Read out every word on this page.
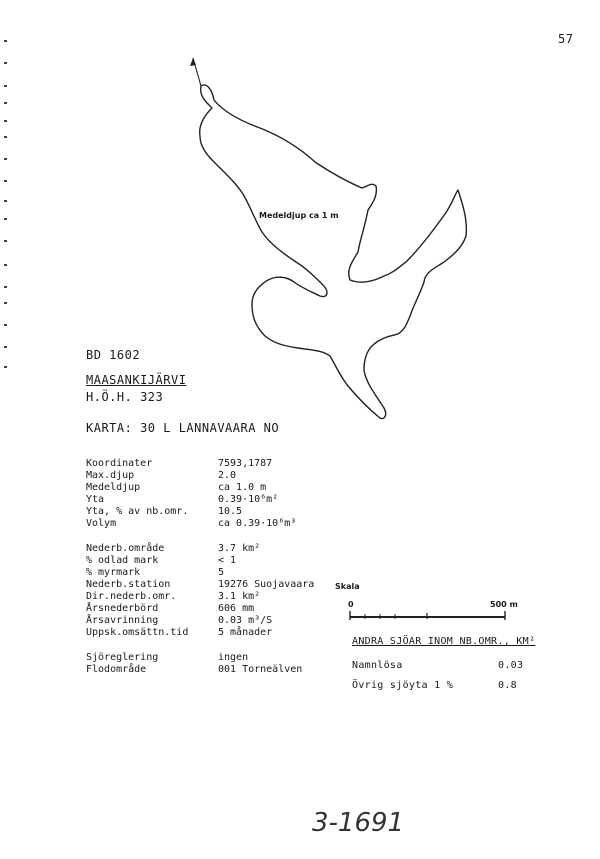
57
Medeldjup ca 1 m
BD 1602
MAASANKIJÄRVI
H.Ö.H. 323
KARTA: 30 L LANNAVAARA NO
Koordinater	7593,1787
Max.djup	2.0
Medeldjup	ca 1.0 m
Yta	0.39·10⁶m²
Yta, % av nb.omr.	10.5
Volym	ca 0.39·10⁶m³
Nederb.område	3.7 km²
% odlad mark	< 1
% myrmark	5
Nederb.station	19276 Suojavaara
Dir.nederb.omr.	3.1 km²
Årsnederbörd	606 mm
Årsavrinning	0.03 m³/S
Uppsk.omsättn.tid	5 månader
Sjöreglering	ingen
Flodområde	001 Torneälven
Skala
0	500 m
ANDRA SJÖAR INOM NB.OMR., KM²
Namnlösa	0.03
Övrig sjöyta 1 %	0.8
3-1691
